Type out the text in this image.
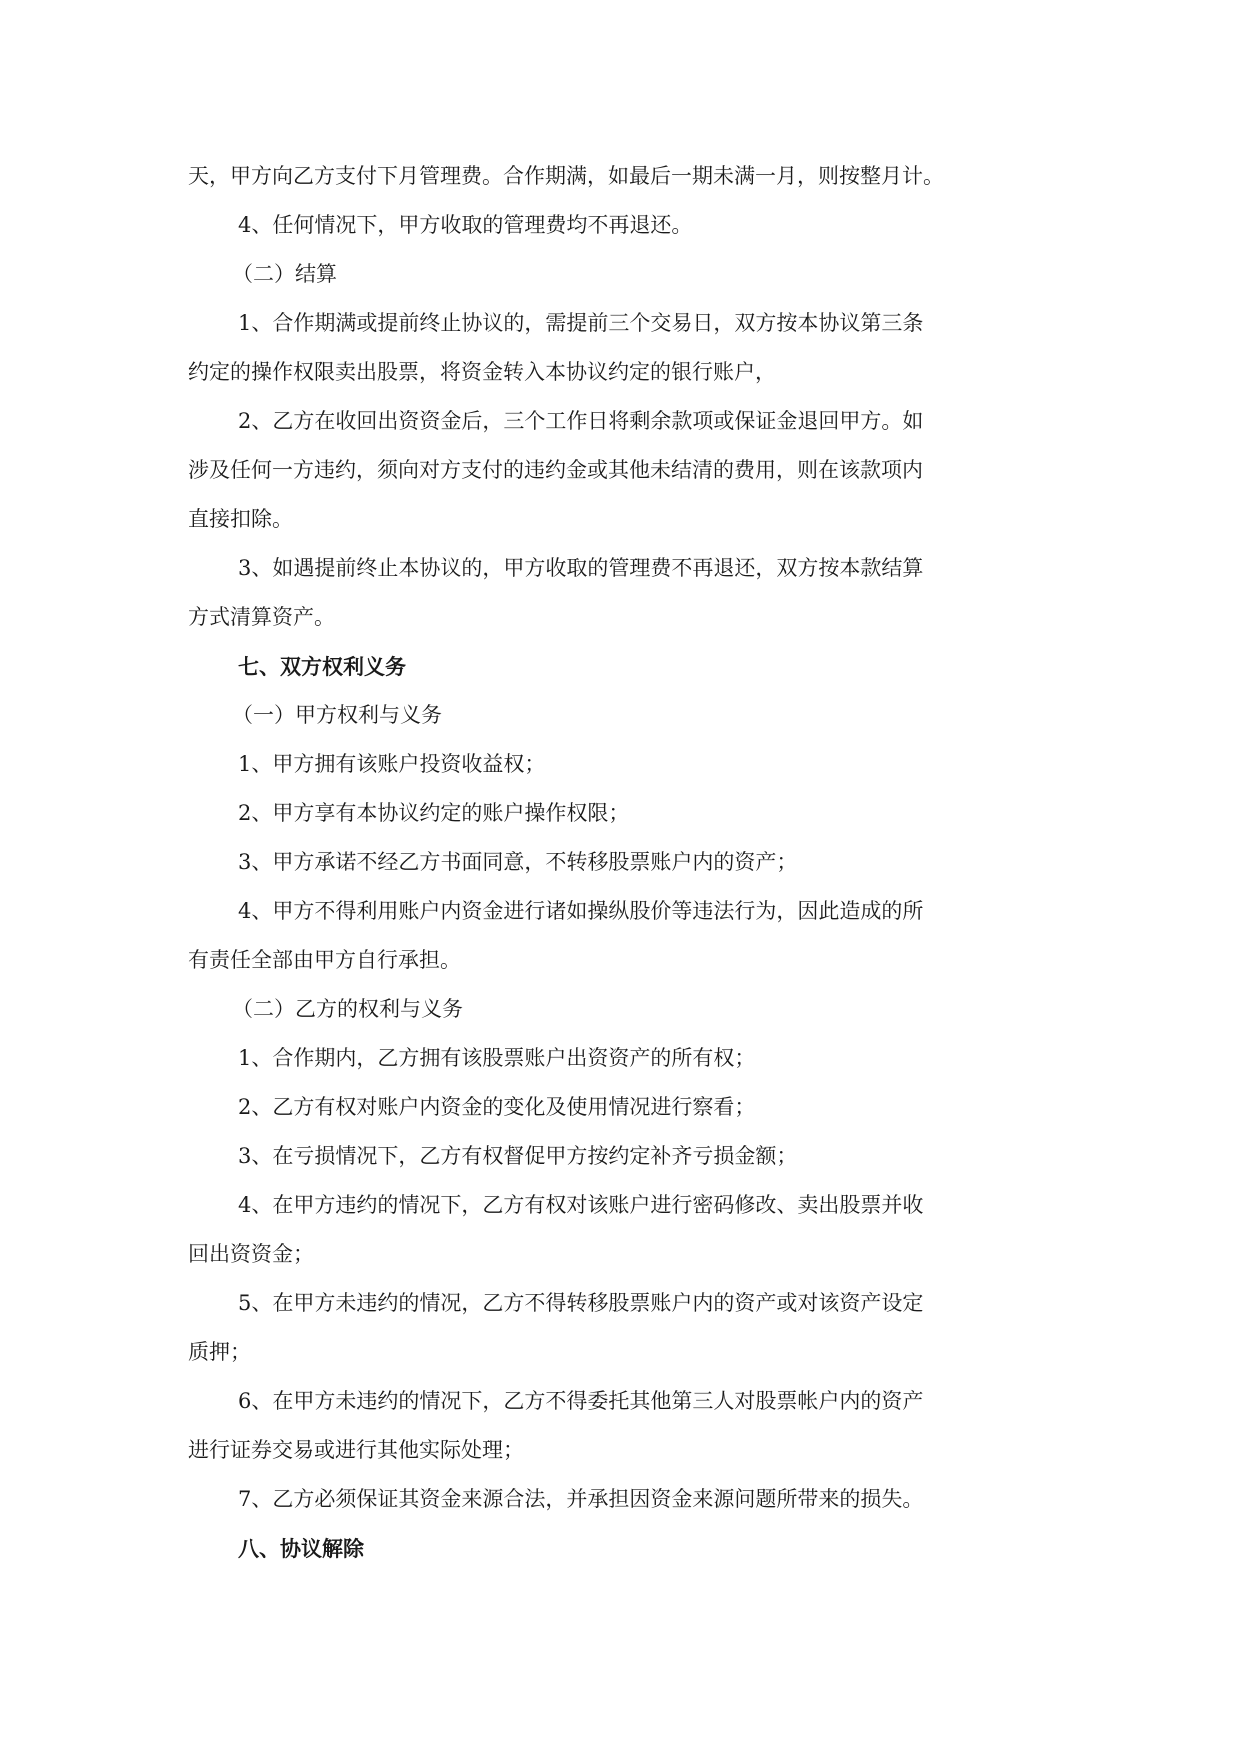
天，甲方向乙方支付下月管理费。合作期满，如最后一期未满一月，则按整月计。
4、任何情况下，甲方收取的管理费均不再退还。
（二）结算
1、合作期满或提前终止协议的，需提前三个交易日，双方按本协议第三条
约定的操作权限卖出股票，将资金转入本协议约定的银行账户，
2、乙方在收回出资资金后，三个工作日将剩余款项或保证金退回甲方。如
涉及任何一方违约，须向对方支付的违约金或其他未结清的费用，则在该款项内
直接扣除。
3、如遇提前终止本协议的，甲方收取的管理费不再退还，双方按本款结算
方式清算资产。
七、双方权利义务
（一）甲方权利与义务
1、甲方拥有该账户投资收益权；
2、甲方享有本协议约定的账户操作权限；
3、甲方承诺不经乙方书面同意，不转移股票账户内的资产；
4、甲方不得利用账户内资金进行诸如操纵股价等违法行为，因此造成的所
有责任全部由甲方自行承担。
（二）乙方的权利与义务
1、合作期内，乙方拥有该股票账户出资资产的所有权；
2、乙方有权对账户内资金的变化及使用情况进行察看；
3、在亏损情况下，乙方有权督促甲方按约定补齐亏损金额；
4、在甲方违约的情况下，乙方有权对该账户进行密码修改、卖出股票并收
回出资资金；
5、在甲方未违约的情况，乙方不得转移股票账户内的资产或对该资产设定
质押；
6、在甲方未违约的情况下，乙方不得委托其他第三人对股票帐户内的资产
进行证券交易或进行其他实际处理；
7、乙方必须保证其资金来源合法，并承担因资金来源问题所带来的损失。
八、协议解除
